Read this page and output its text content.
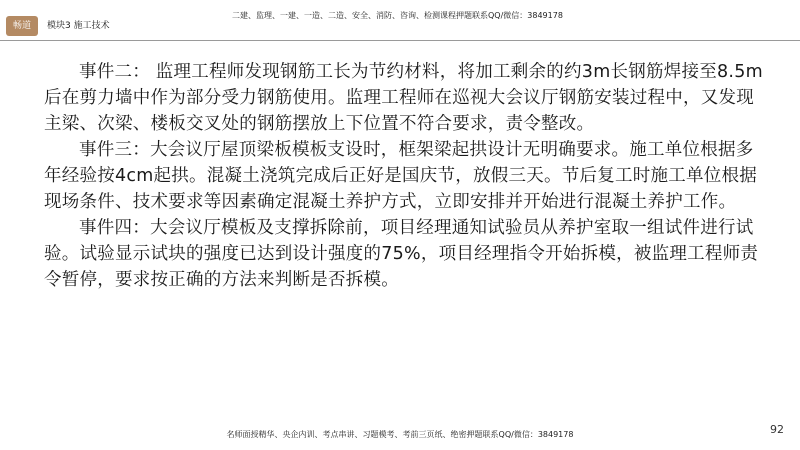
畅道	模块3 施工技术
二建、监理、一建、一造、二造、安全、消防、咨询、检测课程押题联系QQ/微信：3849178

事件二： 监理工程师发现钢筋工长为节约材料，将加工剩余的约3m长钢筋焊接至8.5m
后在剪力墙中作为部分受力钢筋使用。监理工程师在巡视大会议厅钢筋安装过程中，又发现
主梁、次梁、楼板交叉处的钢筋摆放上下位置不符合要求，责令整改。

事件三：大会议厅屋顶梁板模板支设时，框架梁起拱设计无明确要求。施工单位根据多
年经验按4cm起拱。混凝土浇筑完成后正好是国庆节，放假三天。节后复工时施工单位根据
现场条件、技术要求等因素确定混凝土养护方式，立即安排并开始进行混凝土养护工作。

事件四：大会议厅模板及支撑拆除前，项目经理通知试验员从养护室取一组试件进行试
验。试验显示试块的强度已达到设计强度的75%，项目经理指令开始拆模，被监理工程师责
令暂停，要求按正确的方法来判断是否拆模。

名师面授精华、央企内训、考点串讲、习题模考、考前三页纸、绝密押题联系QQ/微信：3849178	92
